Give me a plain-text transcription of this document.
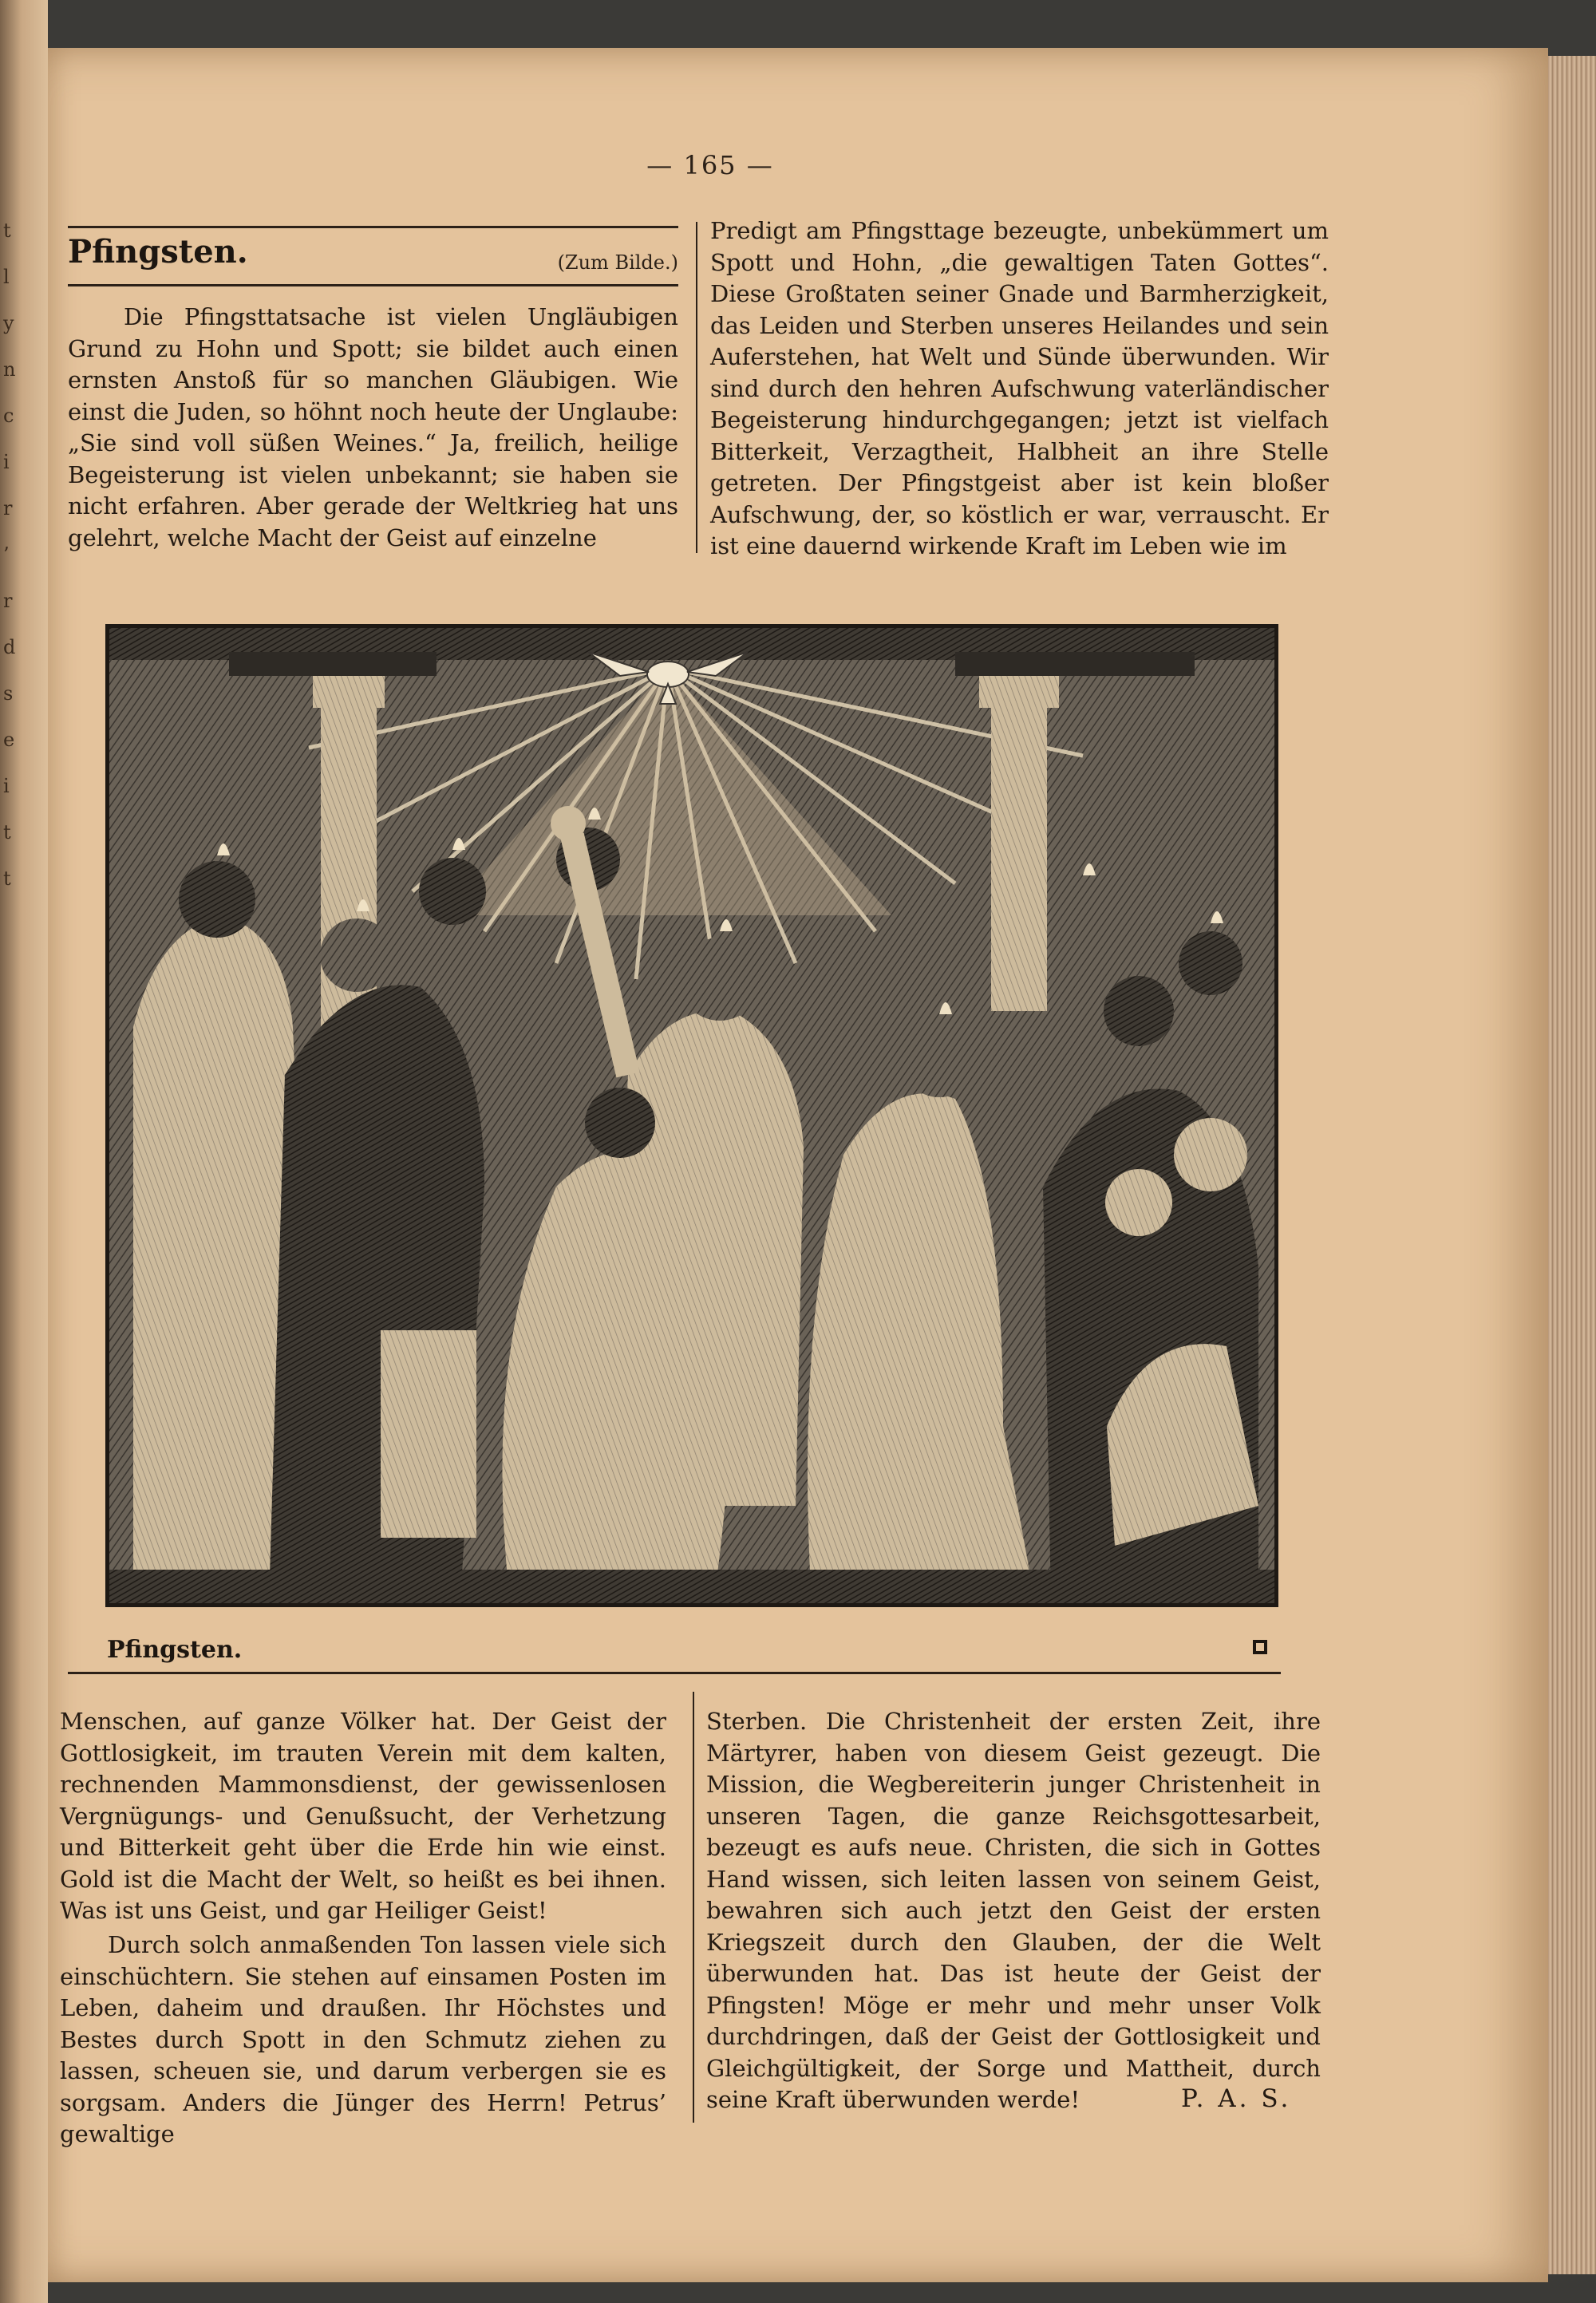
t
l
y
n
c
i
r
’
r
d
s
e
i
t
t
— 165 —
Pfingsten.	(Zum Bilde.)
Die Pfingsttatsache ist vielen Ungläubigen Grund zu Hohn und Spott; sie bildet auch einen ernsten Anstoß für so manchen Gläubigen. Wie einst die Juden, so höhnt noch heute der Unglaube: „Sie sind voll süßen Weines.“ Ja, freilich, heilige Begeisterung ist vielen unbekannt; sie haben sie nicht erfahren. Aber gerade der Weltkrieg hat uns gelehrt, welche Macht der Geist auf einzelne
Predigt am Pfingsttage bezeugte, unbekümmert um Spott und Hohn, „die gewaltigen Taten Gottes“. Diese Großtaten seiner Gnade und Barmherzigkeit, das Leiden und Sterben unseres Heilandes und sein Auferstehen, hat Welt und Sünde überwunden. Wir sind durch den hehren Aufschwung vaterländischer Begeisterung hindurchgegangen; jetzt ist vielfach Bitterkeit, Verzagtheit, Halbheit an ihre Stelle getreten. Der Pfingstgeist aber ist kein bloßer Aufschwung, der, so köstlich er war, verrauscht. Er ist eine dauernd wirkende Kraft im Leben wie im
Pfingsten.
Menschen, auf ganze Völker hat. Der Geist der Gottlosigkeit, im trauten Verein mit dem kalten, rechnenden Mammonsdienst, der gewissenlosen Vergnügungs- und Genußsucht, der Verhetzung und Bitterkeit geht über die Erde hin wie einst. Gold ist die Macht der Welt, so heißt es bei ihnen. Was ist uns Geist, und gar Heiliger Geist!
Durch solch anmaßenden Ton lassen viele sich einschüchtern. Sie stehen auf einsamen Posten im Leben, daheim und draußen. Ihr Höchstes und Bestes durch Spott in den Schmutz ziehen zu lassen, scheuen sie, und darum verbergen sie es sorgsam. Anders die Jünger des Herrn! Petrus’ gewaltige
Sterben. Die Christenheit der ersten Zeit, ihre Märtyrer, haben von diesem Geist gezeugt. Die Mission, die Wegbereiterin junger Christenheit in unseren Tagen, die ganze Reichsgottesarbeit, bezeugt es aufs neue. Christen, die sich in Gottes Hand wissen, sich leiten lassen von seinem Geist, bewahren sich auch jetzt den Geist der ersten Kriegszeit durch den Glauben, der die Welt überwunden hat. Das ist heute der Geist der Pfingsten! Möge er mehr und mehr unser Volk durchdringen, daß der Geist der Gottlosigkeit und Gleichgültigkeit, der Sorge und Mattheit, durch seine Kraft überwunden werde!	P. A. S.
